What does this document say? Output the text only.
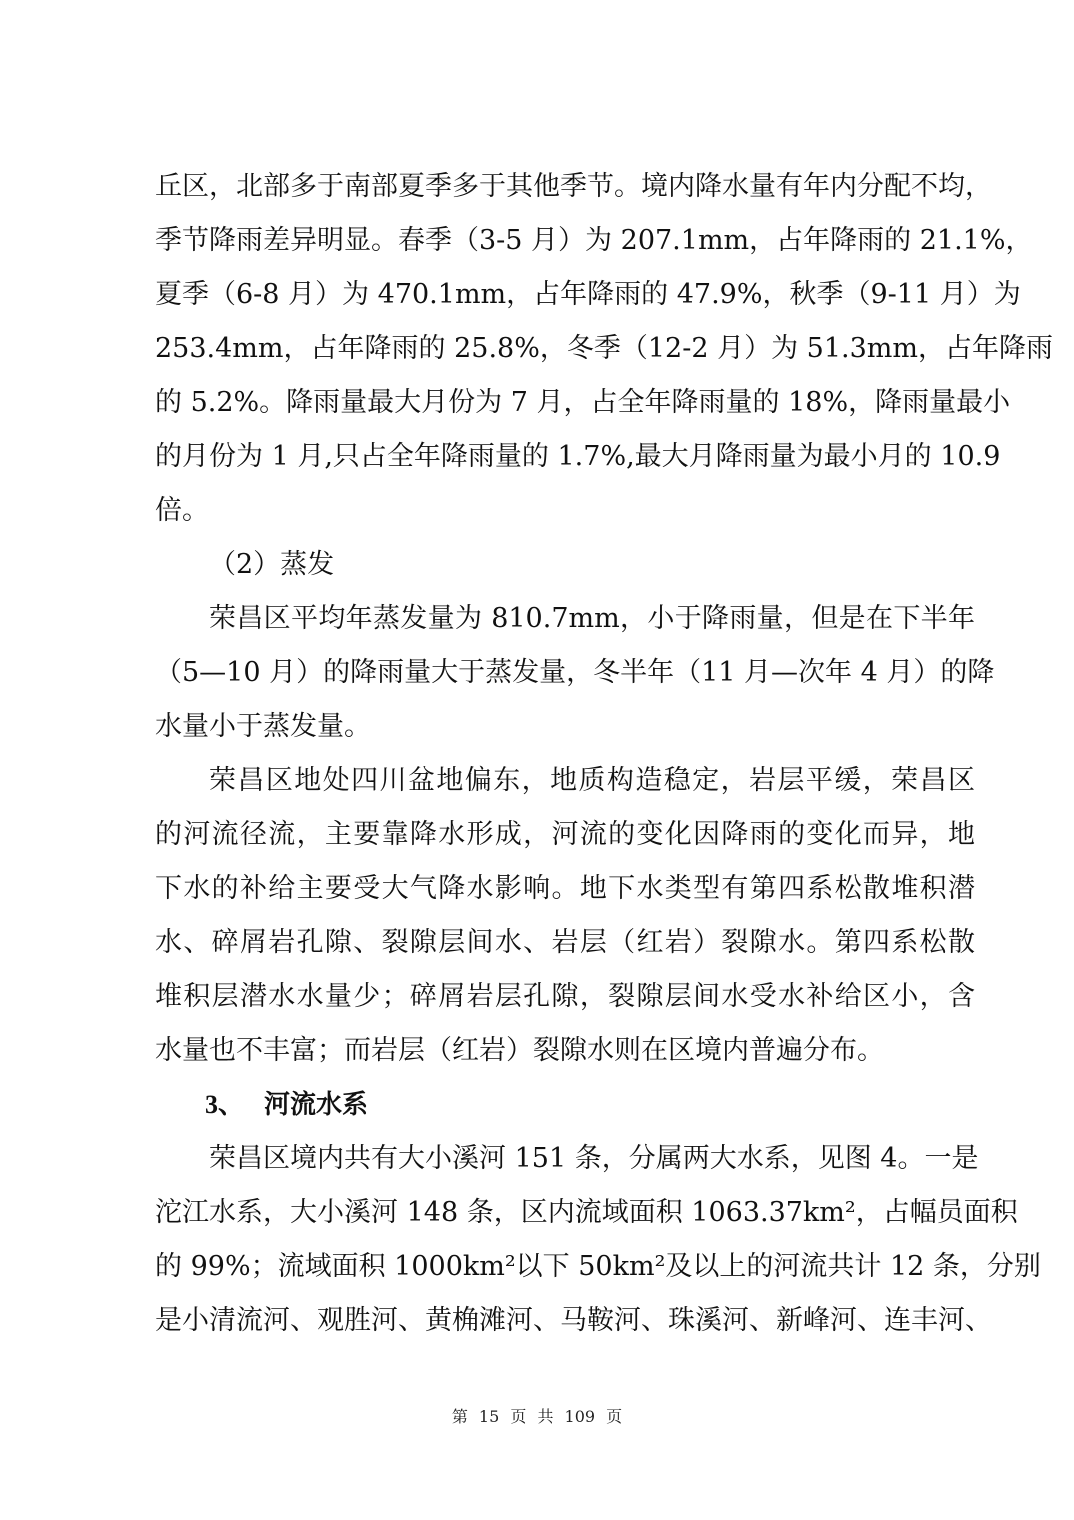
丘区，北部多于南部夏季多于其他季节。境内降水量有年内分配不均，
季节降雨差异明显。春季（3-5 月）为 207.1mm，占年降雨的 21.1%，
夏季（6-8 月）为 470.1mm，占年降雨的 47.9%，秋季（9-11 月）为
253.4mm，占年降雨的 25.8%，冬季（12-2 月）为 51.3mm，占年降雨
的 5.2%。降雨量最大月份为 7 月，占全年降雨量的 18%，降雨量最小
的月份为 1 月,只占全年降雨量的 1.7%,最大月降雨量为最小月的 10.9
倍。
（2）蒸发
荣昌区平均年蒸发量为 810.7mm，小于降雨量，但是在下半年
（5—10 月）的降雨量大于蒸发量，冬半年（11 月—次年 4 月）的降
水量小于蒸发量。
荣昌区地处四川盆地偏东，地质构造稳定，岩层平缓，荣昌区
的河流径流，主要靠降水形成，河流的变化因降雨的变化而异，地
下水的补给主要受大气降水影响。地下水类型有第四系松散堆积潜
水、碎屑岩孔隙、裂隙层间水、岩层（红岩）裂隙水。第四系松散
堆积层潜水水量少；碎屑岩层孔隙，裂隙层间水受水补给区小，含
水量也不丰富；而岩层（红岩）裂隙水则在区境内普遍分布。
3、 河流水系
荣昌区境内共有大小溪河 151 条，分属两大水系，见图 4。一是
沱江水系，大小溪河 148 条，区内流域面积 1063.37km²，占幅员面积
的 99%；流域面积 1000km²以下 50km²及以上的河流共计 12 条，分别
是小清流河、观胜河、黄桷滩河、马鞍河、珠溪河、新峰河、连丰河、
第 15 页 共 109 页
